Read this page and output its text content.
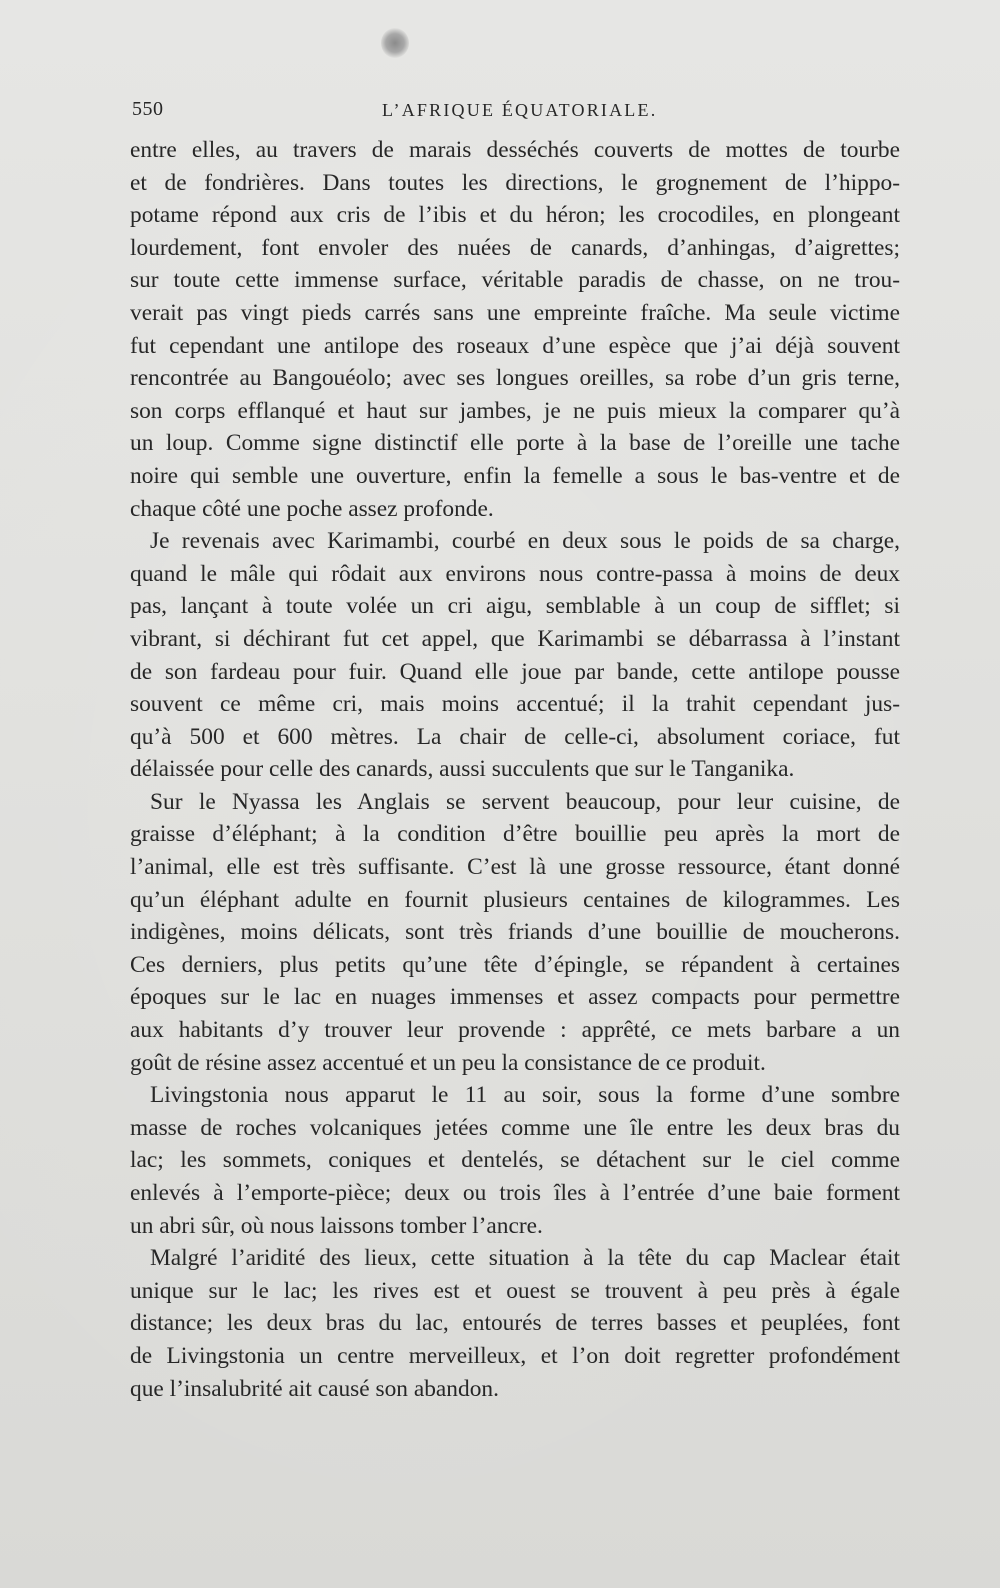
550	L’AFRIQUE ÉQUATORIALE.
entre elles, au travers de marais desséchés couverts de mottes de tourbe
et de fondrières. Dans toutes les directions, le grognement de l’hippo-
potame répond aux cris de l’ibis et du héron; les crocodiles, en plongeant
lourdement, font envoler des nuées de canards, d’anhingas, d’aigrettes;
sur toute cette immense surface, véritable paradis de chasse, on ne trou-
verait pas vingt pieds carrés sans une empreinte fraîche. Ma seule victime
fut cependant une antilope des roseaux d’une espèce que j’ai déjà souvent
rencontrée au Bangouéolo; avec ses longues oreilles, sa robe d’un gris terne,
son corps efflanqué et haut sur jambes, je ne puis mieux la comparer qu’à
un loup. Comme signe distinctif elle porte à la base de l’oreille une tache
noire qui semble une ouverture, enfin la femelle a sous le bas-ventre et de
chaque côté une poche assez profonde.
Je revenais avec Karimambi, courbé en deux sous le poids de sa charge,
quand le mâle qui rôdait aux environs nous contre-passa à moins de deux
pas, lançant à toute volée un cri aigu, semblable à un coup de sifflet; si
vibrant, si déchirant fut cet appel, que Karimambi se débarrassa à l’instant
de son fardeau pour fuir. Quand elle joue par bande, cette antilope pousse
souvent ce même cri, mais moins accentué; il la trahit cependant jus-
qu’à 500 et 600 mètres. La chair de celle-ci, absolument coriace, fut
délaissée pour celle des canards, aussi succulents que sur le Tanganika.
Sur le Nyassa les Anglais se servent beaucoup, pour leur cuisine, de
graisse d’éléphant; à la condition d’être bouillie peu après la mort de
l’animal, elle est très suffisante. C’est là une grosse ressource, étant donné
qu’un éléphant adulte en fournit plusieurs centaines de kilogrammes. Les
indigènes, moins délicats, sont très friands d’une bouillie de moucherons.
Ces derniers, plus petits qu’une tête d’épingle, se répandent à certaines
époques sur le lac en nuages immenses et assez compacts pour permettre
aux habitants d’y trouver leur provende : apprêté, ce mets barbare a un
goût de résine assez accentué et un peu la consistance de ce produit.
Livingstonia nous apparut le 11 au soir, sous la forme d’une sombre
masse de roches volcaniques jetées comme une île entre les deux bras du
lac; les sommets, coniques et dentelés, se détachent sur le ciel comme
enlevés à l’emporte-pièce; deux ou trois îles à l’entrée d’une baie forment
un abri sûr, où nous laissons tomber l’ancre.
Malgré l’aridité des lieux, cette situation à la tête du cap Maclear était
unique sur le lac; les rives est et ouest se trouvent à peu près à égale
distance; les deux bras du lac, entourés de terres basses et peuplées, font
de Livingstonia un centre merveilleux, et l’on doit regretter profondément
que l’insalubrité ait causé son abandon.
